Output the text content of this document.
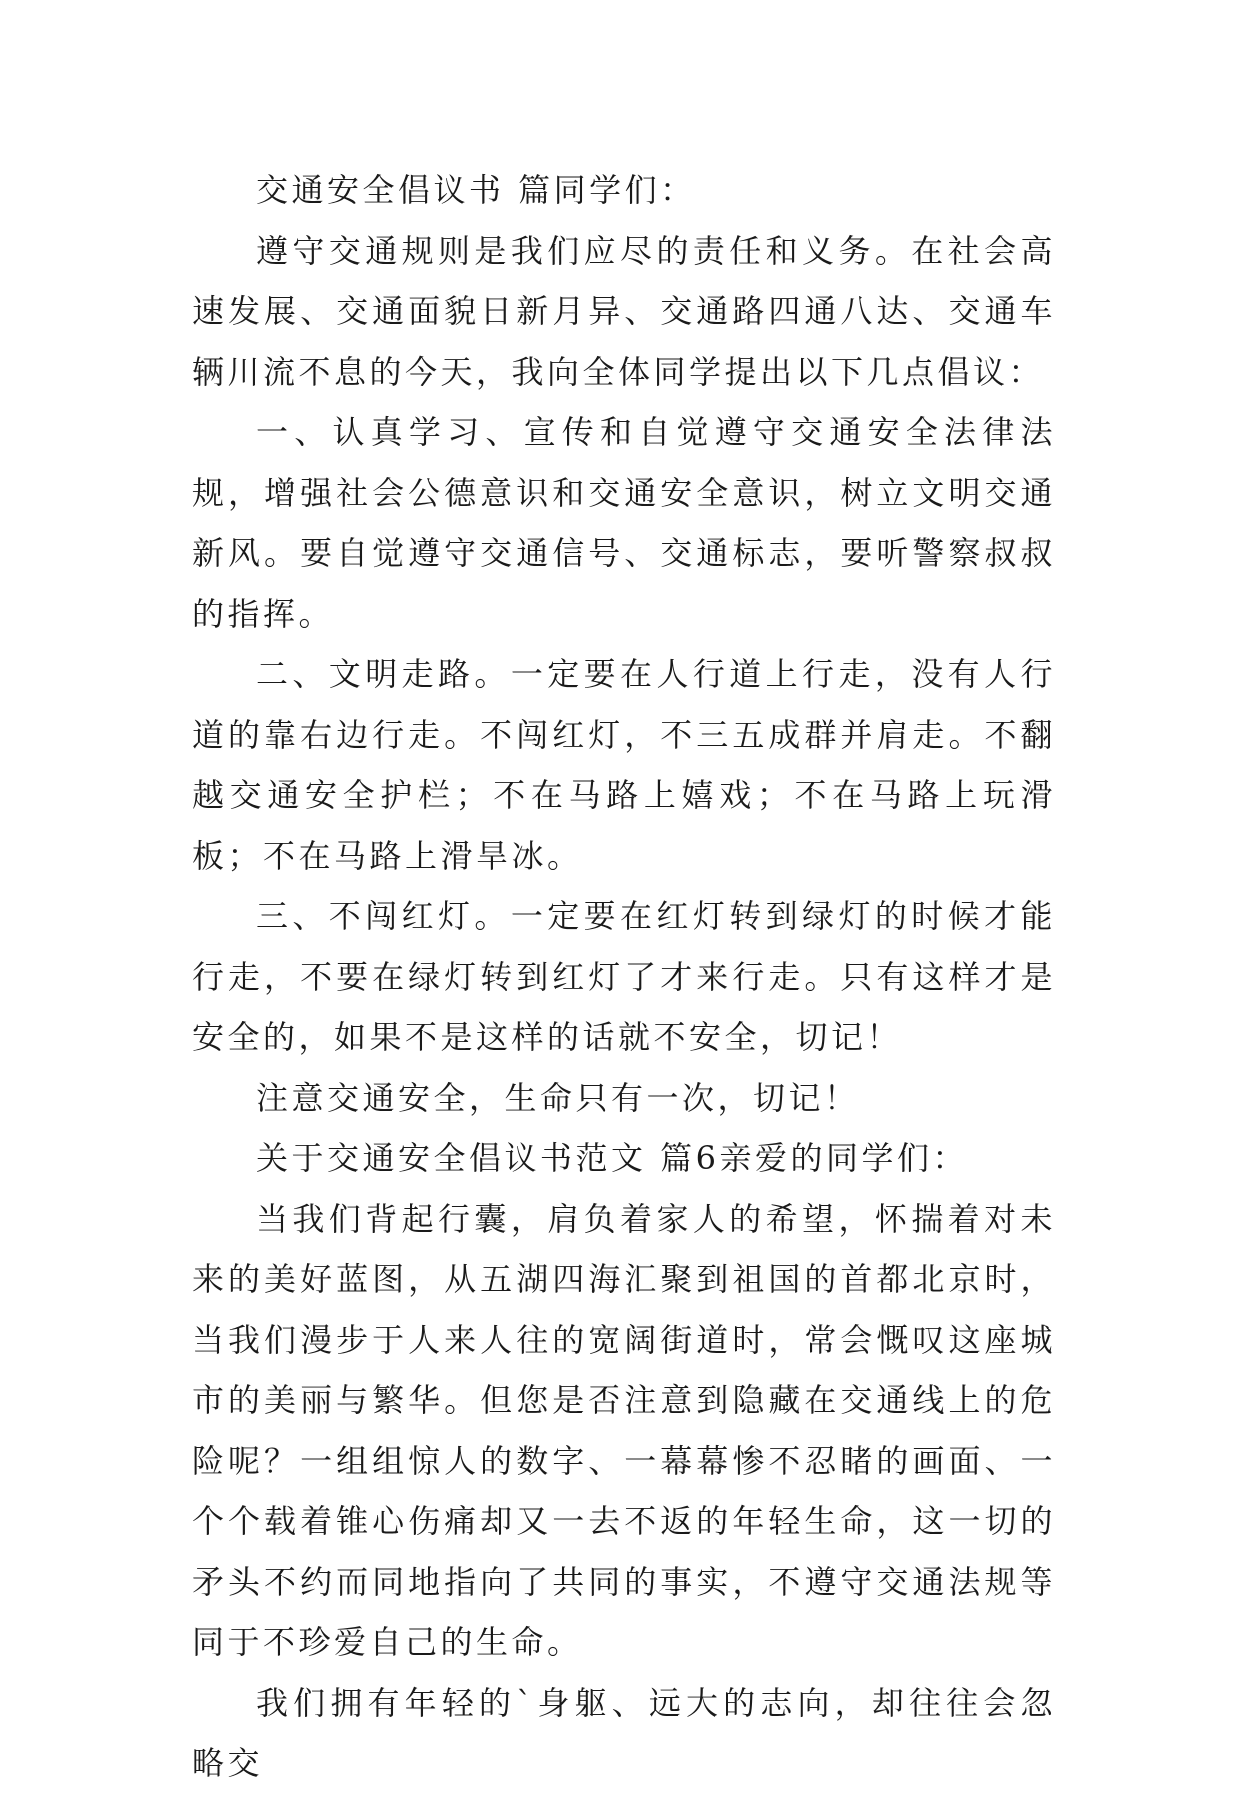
交通安全倡议书 篇同学们：

遵守交通规则是我们应尽的责任和义务。在社会高速发展、交通面貌日新月异、交通路四通八达、交通车辆川流不息的今天，我向全体同学提出以下几点倡议：

一、认真学习、宣传和自觉遵守交通安全法律法规，增强社会公德意识和交通安全意识，树立文明交通新风。要自觉遵守交通信号、交通标志，要听警察叔叔的指挥。

二、文明走路。一定要在人行道上行走，没有人行道的靠右边行走。不闯红灯，不三五成群并肩走。不翻越交通安全护栏；不在马路上嬉戏；不在马路上玩滑板；不在马路上滑旱冰。

三、不闯红灯。一定要在红灯转到绿灯的时候才能行走，不要在绿灯转到红灯了才来行走。只有这样才是安全的，如果不是这样的话就不安全，切记！

注意交通安全，生命只有一次，切记！

关于交通安全倡议书范文 篇6亲爱的同学们：

当我们背起行囊，肩负着家人的希望，怀揣着对未来的美好蓝图，从五湖四海汇聚到祖国的首都北京时，当我们漫步于人来人往的宽阔街道时，常会慨叹这座城市的美丽与繁华。但您是否注意到隐藏在交通线上的危险呢？一组组惊人的数字、一幕幕惨不忍睹的画面、一个个载着锥心伤痛却又一去不返的年轻生命，这一切的矛头不约而同地指向了共同的事实，不遵守交通法规等同于不珍爱自己的生命。

我们拥有年轻的`身躯、远大的志向，却往往会忽略交
